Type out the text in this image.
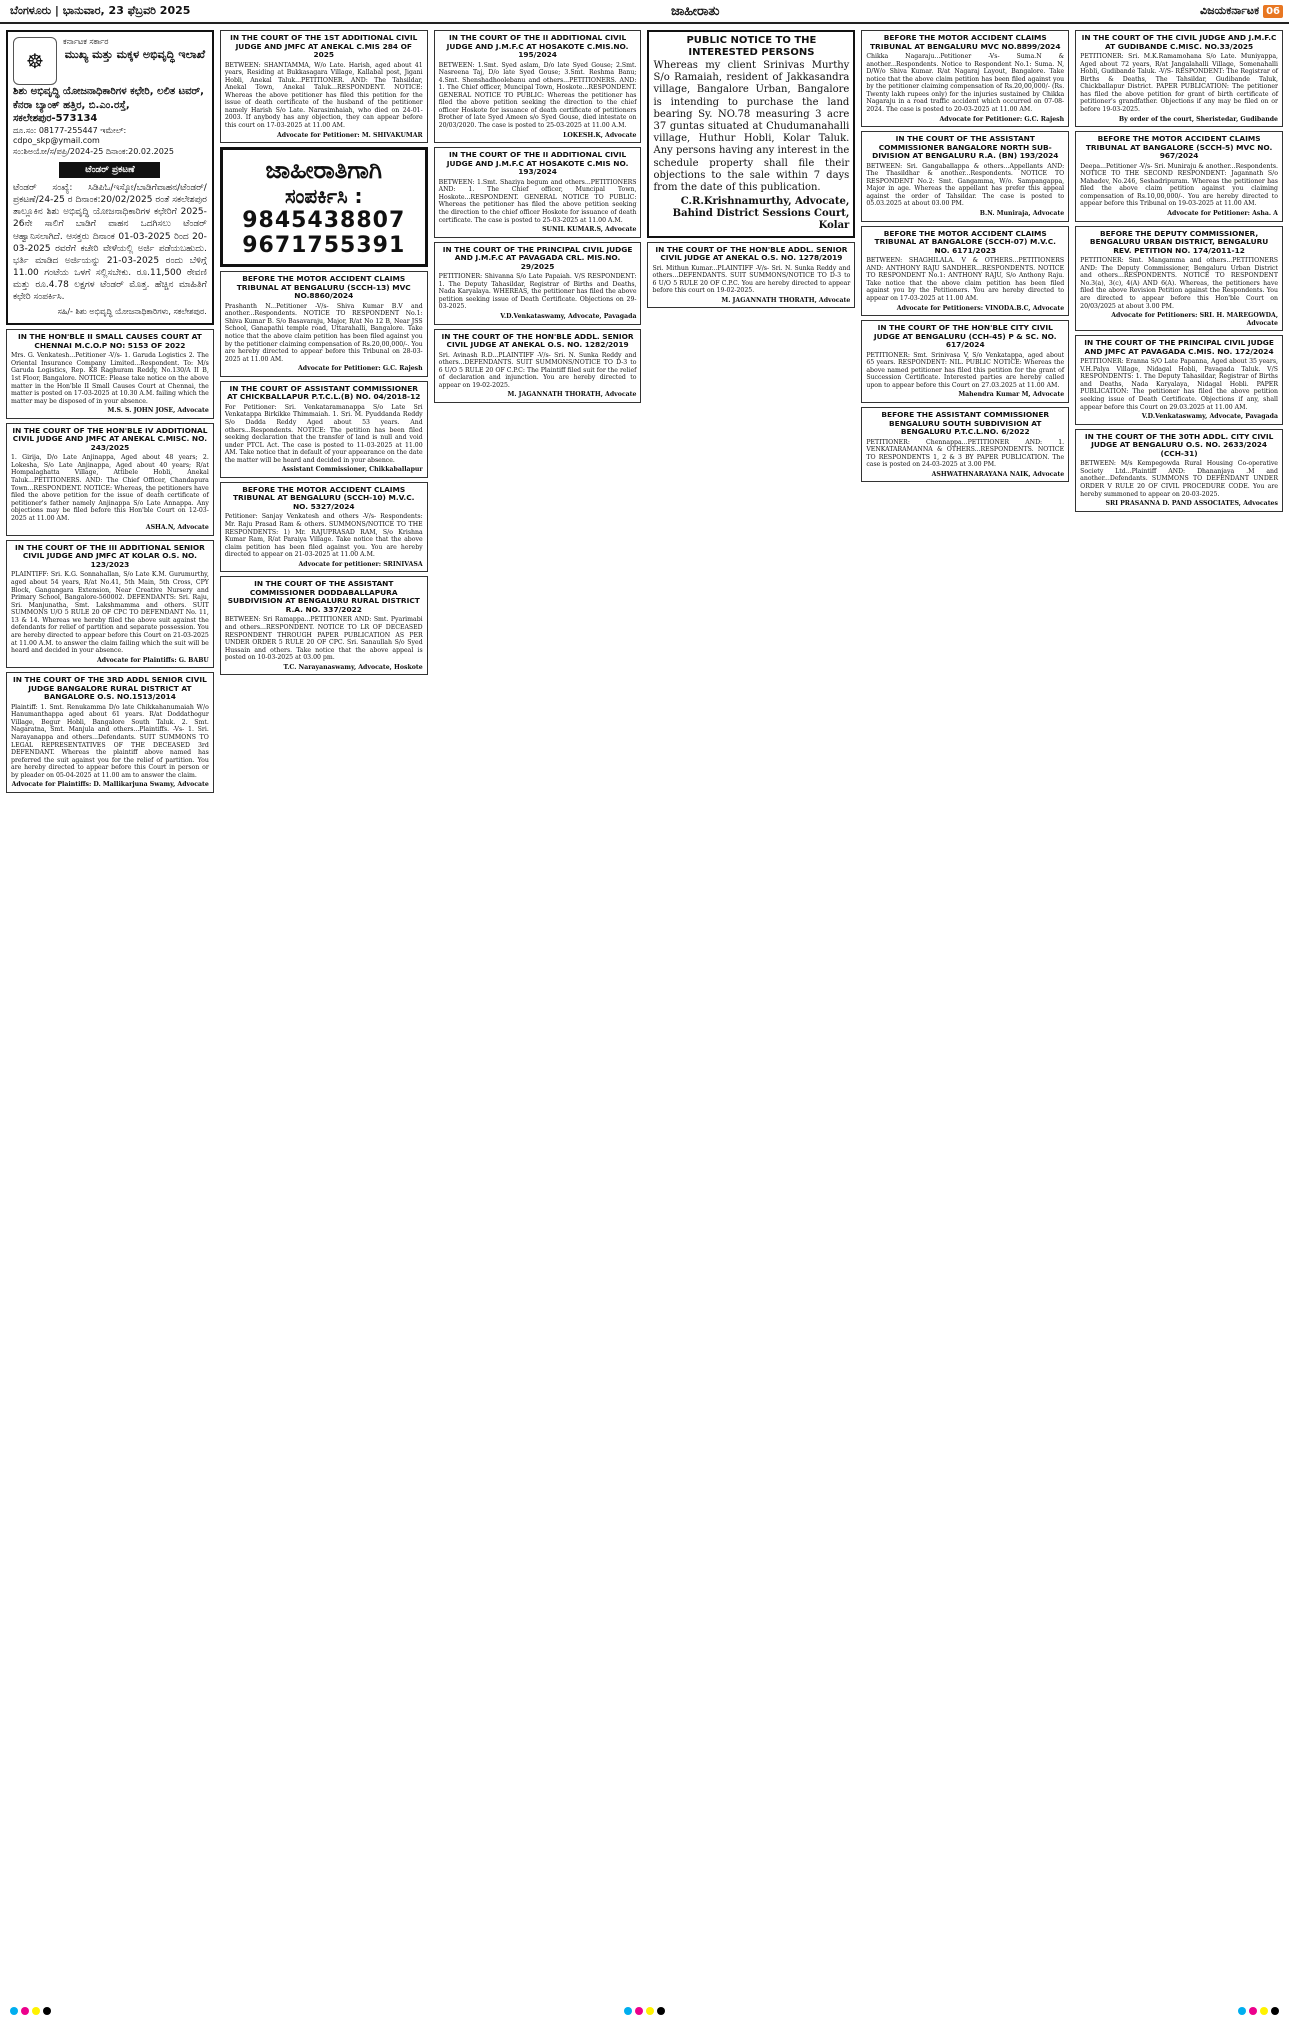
ಬೆಂಗಳೂರು | ಭಾನುವಾರ, 23 ಫೆಬ್ರವರಿ 2025	ಜಾಹೀರಾತು	ವಿಜಯಕರ್ನಾಟಕ 06
☸
ಕರ್ನಾಟಕ ಸರ್ಕಾರ
ಮುಖ್ಯ ಮತ್ತು ಮಕ್ಕಳ ಅಭಿವೃದ್ಧಿ ಇಲಾಖೆ
ಶಿಶು ಅಭಿವೃದ್ಧಿ ಯೋಜನಾಧಿಕಾರಿಗಳ ಕಛೇರಿ, ಲಲಿತ ಟವರ್, ಕೆನರಾ ಬ್ಯಾಂಕ್ ಹತ್ತಿರ, ಬಿ.ಎಂ.ರಸ್ತೆ, ಸಕಲೇಶಪುರ-573134
ದೂ.ಸಂ: 08177-255447 ಇಮೇಲ್: cdpo_skp@ymail.com
ಸಂ:ಶಿಅಯೋ/ಸ/ಪಪ್ರಿ/2024-25 ದಿನಾಂಕ:20.02.2025
ಟೆಂಡರ್ ಪ್ರಕಟಣೆ
ಟೆಂಡರ್ ಸಂಖ್ಯೆ: ಸಿಡಿಪಿಓ/ಇಸ್ಕೋ/ಬಾಡಿಗೆವಾಹನ/ಟೆಂಡರ್/ಪ್ರಕಟಣೆ/24-25 ರ ದಿನಾಂಕ:20/02/2025 ರಂತೆ ಸಕಲೇಶಪುರ ತಾಲ್ಲೂಕಿನ ಶಿಶು ಅಭಿವೃದ್ಧಿ ಯೋಜನಾಧಿಕಾರಿಗಳ ಕಛೇರಿಗೆ 2025-26ನೇ ಸಾಲಿಗೆ ಬಾಡಿಗೆ ವಾಹನ ಒದಗಿಸಲು ಟೆಂಡರ್ ಆಹ್ವಾನಿಸಲಾಗಿದೆ. ಆಸಕ್ತರು ದಿನಾಂಕ 01-03-2025 ರಿಂದ 20-03-2025 ರವರೆಗೆ ಕಚೇರಿ ವೇಳೆಯಲ್ಲಿ ಅರ್ಜಿ ಪಡೆಯಬಹುದು. ಭರ್ತಿ ಮಾಡಿದ ಅರ್ಜಿಯನ್ನು 21-03-2025 ರಂದು ಬೆಳಿಗ್ಗೆ 11.00 ಗಂಟೆಯ ಒಳಗೆ ಸಲ್ಲಿಸಬೇಕು. ರೂ.11,500 ಠೇವಣಿ ಮತ್ತು ರೂ.4.78 ಲಕ್ಷಗಳ ಟೆಂಡರ್ ಮೊತ್ತ. ಹೆಚ್ಚಿನ ಮಾಹಿತಿಗೆ ಕಛೇರಿ ಸಂಪರ್ಕಿಸಿ.
ಸಹಿ/- ಶಿಶು ಅಭಿವೃದ್ಧಿ ಯೋಜನಾಧಿಕಾರಿಗಳು, ಸಕಲೇಶಪುರ.
IN THE HON'BLE II SMALL CAUSES COURT AT CHENNAI M.C.O.P NO: 5153 OF 2022

Mrs. G. Venkatesh...Petitioner -V/s- 1. Garuda Logistics 2. The Oriental Insurance Company Limited...Respondent. To: M/s Garuda Logistics, Rep. K8 Raghuram Reddy, No.130/A II B, 1st Floor, Bangalore. NOTICE: Please take notice on the above matter in the Hon'ble II Small Causes Court at Chennai, the matter is posted on 17-03-2025 at 10.30 A.M. failing which the matter may be disposed of in your absence.

M.S. S. JOHN JOSE, Advocate
IN THE COURT OF THE HON'BLE IV ADDITIONAL CIVIL JUDGE AND JMFC AT ANEKAL C.MISC. NO. 243/2025

1. Girija, D/o Late Anjinappa, Aged about 48 years; 2. Lokesha, S/o Late Anjinappa, Aged about 40 years; R/at Hompalaghatta Village, Attibele Hobli, Anekal Taluk...PETITIONERS. AND: The Chief Officer, Chandapura Town...RESPONDENT. NOTICE: Whereas, the petitioners have filed the above petition for the issue of death certificate of petitioner's father namely Anjinappa S/o Late Annappa. Any objections may be filed before this Hon'ble Court on 12-03-2025 at 11.00 AM.

ASHA.N, Advocate
IN THE COURT OF THE III ADDITIONAL SENIOR CIVIL JUDGE AND JMFC AT KOLAR O.S. NO. 123/2023

PLAINTIFF: Sri. K.G. Sonnahallan, S/o Late K.M. Gurumurthy, aged about 54 years, R/at No.41, 5th Main, 5th Cross, CPY Block, Gangangara Extension, Near Creative Nursery and Primary School, Bangalore-560002. DEFENDANTS: Sri. Raju, Sri. Manjunatha, Smt. Lakshmamma and others. SUIT SUMMONS U/O 5 RULE 20 OF CPC TO DEFENDANT No. 11, 13 & 14. Whereas we hereby filed the above suit against the defendants for relief of partition and separate possession. You are hereby directed to appear before this Court on 21-03-2025 at 11.00 A.M. to answer the claim failing which the suit will be heard and decided in your absence.

Advocate for Plaintiffs: G. BABU
IN THE COURT OF THE 3RD ADDL SENIOR CIVIL JUDGE BANGALORE RURAL DISTRICT AT BANGALORE O.S. NO.1513/2014

Plaintiff: 1. Smt. Renukamma D/o late Chikkahanumaiah W/o Hanumanthappa aged about 61 years. R/at Doddathogur Village, Begur Hobli, Bangalore South Taluk. 2. Smt. Nagaratna, Smt. Manjula and others...Plaintiffs. -Vs- 1. Sri. Narayanappa and others...Defendants. SUIT SUMMONS TO LEGAL REPRESENTATIVES OF THE DECEASED 3rd DEFENDANT. Whereas the plaintiff above named has preferred the suit against you for the relief of partition. You are hereby directed to appear before this Court in person or by pleader on 05-04-2025 at 11.00 am to answer the claim.

Advocate for Plaintiffs: D. Mallikarjuna Swamy, Advocate
IN THE COURT OF THE 1ST ADDITIONAL CIVIL JUDGE AND JMFC AT ANEKAL C.MIS 284 OF 2025

BETWEEN: SHANTAMMA, W/o Late. Harish, aged about 41 years, Residing at Bukkasagara Village, Kallabal post, Jigani Hobli, Anekal Taluk...PETITIONER. AND: The Tahsildar, Anekal Town, Anekal Taluk...RESPONDENT. NOTICE: Whereas the above petitioner has filed this petition for the issue of death certificate of the husband of the petitioner namely Harish S/o Late. Narasimhaiah, who died on 24-01-2003. If anybody has any objection, they can appear before this court on 17-03-2025 at 11.00 AM.

Advocate for Petitioner: M. SHIVAKUMAR
ಜಾಹೀರಾತಿಗಾಗಿ
ಸಂಪರ್ಕಿಸಿ :
9845438807
9671755391
BEFORE THE MOTOR ACCIDENT CLAIMS TRIBUNAL AT BENGALURU (SCCH-13) MVC NO.8860/2024

Prashanth N...Petitioner -V/s- Shiva Kumar B.V and another...Respondents. NOTICE TO RESPONDENT No.1: Shiva Kumar B. S/o Basavaraju, Major, R/at No 12 B, Near JSS School, Ganapathi temple road, Uttarahalli, Bangalore. Take notice that the above claim petition has been filed against you by the petitioner claiming compensation of Rs.20,00,000/-. You are hereby directed to appear before this Tribunal on 28-03-2025 at 11.00 AM.

Advocate for Petitioner: G.C. Rajesh
IN THE COURT OF ASSISTANT COMMISSIONER AT CHICKBALLAPUR P.T.C.L.(B) NO. 04/2018-12

For Petitioner: Sri. Venkataramanappa S/o Late Sri Venkatappa Birkikke Thimmaiah. 1. Sri. M. Pyuddanda Reddy S/o Dadda Reddy Aged about 53 years. And others...Respondents. NOTICE: The petition has been filed seeking declaration that the transfer of land is null and void under PTCL Act. The case is posted to 11-03-2025 at 11.00 AM. Take notice that in default of your appearance on the date the matter will be heard and decided in your absence.

Assistant Commissioner, Chikkaballapur
BEFORE THE MOTOR ACCIDENT CLAIMS TRIBUNAL AT BENGALURU (SCCH-10) M.V.C. NO. 5327/2024

Petitioner: Sanjay Venkatesh and others -V/s- Respondents: Mr. Raju Prasad Ram & others. SUMMONS/NOTICE TO THE RESPONDENTS: 1) Mr. RAJUPRASAD RAM, S/o Krishna Kumar Ram, R/at Paraiya Village. Take notice that the above claim petition has been filed against you. You are hereby directed to appear on 21-03-2025 at 11.00 A.M.

Advocate for petitioner: SRINIVASA
IN THE COURT OF THE ASSISTANT COMMISSIONER DODDABALLAPURA SUBDIVISION AT BENGALURU RURAL DISTRICT R.A. NO. 337/2022

BETWEEN: Sri Ramappa...PETITIONER AND: Smt. Pyarimabi and others...RESPONDENT. NOTICE TO LR OF DECEASED RESPONDENT THROUGH PAPER PUBLICATION AS PER UNDER ORDER 5 RULE 20 OF CPC. Sri. Sanaullah S/o Syed Hussain and others. Take notice that the above appeal is posted on 10-03-2025 at 03.00 pm.

T.C. Narayanaswamy, Advocate, Hoskote
IN THE COURT OF THE II ADDITIONAL CIVIL JUDGE AND J.M.F.C AT HOSAKOTE C.MIS.NO. 195/2024

BETWEEN: 1.Smt. Syed aslam, D/o late Syed Gouse; 2.Smt. Nasreena Taj, D/o late Syed Gouse; 3.Smt. Reshma Banu; 4.Smt. Shenshadhoolebanu and others...PETITIONERS. AND: 1. The Chief officer, Muncipal Town, Hoskote...RESPONDENT. GENERAL NOTICE TO PUBLIC: Whereas the petitioner has filed the above petition seeking the direction to the chief officer Hoskote for issuance of death certificate of petitioners Brother of late Syed Ameen s/o Syed Gouse, died intestate on 20/03/2020. The case is posted to 25-03-2025 at 11.00 A.M.

LOKESH.K, Advocate
IN THE COURT OF THE II ADDITIONAL CIVIL JUDGE AND J.M.F.C AT HOSAKOTE C.MIS NO. 193/2024

BETWEEN: 1.Smt. Shaziya begum and others...PETITIONERS AND: 1. The Chief officer, Muncipal Town, Hoskote...RESPONDENT. GENERAL NOTICE TO PUBLIC: Whereas the petitioner has filed the above petition seeking the direction to the chief officer Hoskote for issuance of death certificate. The case is posted to 25-03-2025 at 11.00 A.M.

SUNIL KUMAR.S, Advocate
IN THE COURT OF THE PRINCIPAL CIVIL JUDGE AND J.M.F.C AT PAVAGADA CRL. MIS.NO. 29/2025

PETITIONER: Shivanna S/o Late Papaiah. V/S RESPONDENT: 1. The Deputy Tahasildar, Registrar of Births and Deaths, Nada Karyalaya. WHEREAS, the petitioner has filed the above petition seeking issue of Death Certificate. Objections on 29-03-2025.

V.D.Venkataswamy, Advocate, Pavagada
IN THE COURT OF THE HON'BLE ADDL. SENIOR CIVIL JUDGE AT ANEKAL O.S. NO. 1282/2019

Sri. Avinash R.D...PLAINTIFF -V/s- Sri. N. Sunka Reddy and others...DEFENDANTS. SUIT SUMMONS/NOTICE TO D-3 to 6 U/O 5 RULE 20 OF C.P.C: The Plaintiff filed suit for the relief of declaration and injunction. You are hereby directed to appear on 19-02-2025.

M. JAGANNATH THORATH, Advocate
PUBLIC NOTICE TO THE INTERESTED PERSONS

Whereas my client Srinivas Murthy S/o Ramaiah, resident of Jakkasandra village, Bangalore Urban, Bangalore is intending to purchase the land bearing Sy. NO.78 measuring 3 acre 37 guntas situated at Chudumanahalli village, Huthur Hobli, Kolar Taluk. Any persons having any interest in the schedule property shall file their objections to the sale within 7 days from the date of this publication.

C.R.Krishnamurthy, Advocate, Bahind District Sessions Court, Kolar
IN THE COURT OF THE HON'BLE ADDL. SENIOR CIVIL JUDGE AT ANEKAL O.S. NO. 1278/2019

Sri. Mithun Kumar...PLAINTIFF -V/s- Sri. N. Sunka Reddy and others...DEFENDANTS. SUIT SUMMONS/NOTICE TO D-3 to 6 U/O 5 RULE 20 OF C.P.C. You are hereby directed to appear before this court on 19-02-2025.

M. JAGANNATH THORATH, Advocate
BEFORE THE MOTOR ACCIDENT CLAIMS TRIBUNAL AT BENGALURU MVC NO.8899/2024

Chikka Nagaraju...Petitioner -Vs- Suma.N & another...Respondents. Notice to Respondent No.1: Suma. N, D/W/o Shiva Kumar. R/at Nagaraj Layout, Bangalore. Take notice that the above claim petition has been filed against you by the petitioner claiming compensation of Rs.20,00,000/- (Rs. Twenty lakh rupees only) for the injuries sustained by Chikka Nagaraju in a road traffic accident which occurred on 07-08-2024. The case is posted to 20-03-2025 at 11.00 AM.

Advocate for Petitioner: G.C. Rajesh
IN THE COURT OF THE ASSISTANT COMMISSIONER BANGALORE NORTH SUB-DIVISION AT BENGALURU R.A. (BN) 193/2024

BETWEEN: Sri. Gangaballappa & others...Appellants AND: The Thasildhar & another...Respondents. NOTICE TO RESPONDENT No.2: Smt. Gangamma, W/o. Sampangappa, Major in age. Whereas the appellant has prefer this appeal against the order of Tahsildar. The case is posted to 05.03.2025 at about 03.00 PM.

B.N. Muniraja, Advocate
BEFORE THE MOTOR ACCIDENT CLAIMS TRIBUNAL AT BANGALORE (SCCH-07) M.V.C. NO. 6171/2023

BETWEEN: SHAGHILALA. V & OTHERS...PETITIONERS AND: ANTHONY RAJU SANDHER...RESPONDENTS. NOTICE TO RESPONDENT No.1: ANTHONY RAJU, S/o Anthony Raju. Take notice that the above claim petition has been filed against you by the Petitioners. You are hereby directed to appear on 17-03-2025 at 11.00 AM.

Advocate for Petitioners: VINODA.B.C, Advocate
IN THE COURT OF THE HON'BLE CITY CIVIL JUDGE AT BENGALURU (CCH-45) P & SC. NO. 617/2024

PETITIONER: Smt. Srinivasa V, S/o Venkatappa, aged about 65 years. RESPONDENT: NIL. PUBLIC NOTICE: Whereas the above named petitioner has filed this petition for the grant of Succession Certificate. Interested parties are hereby called upon to appear before this Court on 27.03.2025 at 11.00 AM.

Mahendra Kumar M, Advocate
BEFORE THE ASSISTANT COMMISSIONER BENGALURU SOUTH SUBDIVISION AT BENGALURU P.T.C.L.NO. 6/2022

PETITIONER: Chennappa...PETITIONER AND: 1. VENKATARAMANNA & OTHERS...RESPONDENTS. NOTICE TO RESPONDENTS 1, 2 & 3 BY PAPER PUBLICATION. The case is posted on 24-03-2025 at 3.00 PM.

ASHWATHNARAYANA NAIK, Advocate
IN THE COURT OF THE CIVIL JUDGE AND J.M.F.C AT GUDIBANDE C.MISC. NO.33/2025

PETITIONER: Sri. M.K.Ramamohana S/o Late. Muniyappa, Aged about 72 years, R/at Jangalahalli Village, Somenahalli Hobli, Gudibande Taluk. -V/S- RESPONDENT: The Registrar of Births & Deaths, The Tahsildar, Gudibande Taluk, Chickballapur District. PAPER PUBLICATION: The petitioner has filed the above petition for grant of birth certificate of petitioner's grandfather. Objections if any may be filed on or before 19-03-2025.

By order of the court, Sheristedar, Gudibande
BEFORE THE MOTOR ACCIDENT CLAIMS TRIBUNAL AT BANGALORE (SCCH-5) MVC NO. 967/2024

Deepa...Petitioner -V/s- Sri. Muniraju & another...Respondents. NOTICE TO THE SECOND RESPONDENT: Jagannath S/o Mahadev, No.246, Seshadripuram. Whereas the petitioner has filed the above claim petition against you claiming compensation of Rs.10,00,000/-. You are hereby directed to appear before this Tribunal on 19-03-2025 at 11.00 AM.

Advocate for Petitioner: Asha. A
BEFORE THE DEPUTY COMMISSIONER, BENGALURU URBAN DISTRICT, BENGALURU REV. PETITION NO. 174/2011-12

PETITIONER: Smt. Mangamma and others...PETITIONERS AND: The Deputy Commissioner, Bengaluru Urban District and others...RESPONDENTS. NOTICE TO RESPONDENT No.3(a), 3(c), 4(A) AND 6(A). Whereas, the petitioners have filed the above Revision Petition against the Respondents. You are directed to appear before this Hon'ble Court on 20/03/2025 at about 3.00 PM.

Advocate for Petitioners: SRI. H. MAREGOWDA, Advocate
IN THE COURT OF THE PRINCIPAL CIVIL JUDGE AND JMFC AT PAVAGADA C.MIS. NO. 172/2024

PETITIONER: Eranna S/O Late Papanna, Aged about 35 years, V.H.Palya Village, Nidagal Hobli, Pavagada Taluk. V/S RESPONDENTS: 1. The Deputy Tahasildar, Registrar of Births and Deaths, Nada Karyalaya, Nidagal Hobli. PAPER PUBLICATION: The petitioner has filed the above petition seeking issue of Death Certificate. Objections if any, shall appear before this Court on 29.03.2025 at 11.00 AM.

V.D.Venkataswamy, Advocate, Pavagada
IN THE COURT OF THE 30TH ADDL. CITY CIVIL JUDGE AT BENGALURU O.S. NO. 2633/2024 (CCH-31)

BETWEEN: M/s Kempegowda Rural Housing Co-operative Society Ltd...Plaintiff AND: Dhananjaya .M and another...Defendants. SUMMONS TO DEFENDANT UNDER ORDER V RULE 20 OF CIVIL PROCEDURE CODE. You are hereby summoned to appear on 20-03-2025.

SRI PRASANNA D. PAND ASSOCIATES, Advocates
